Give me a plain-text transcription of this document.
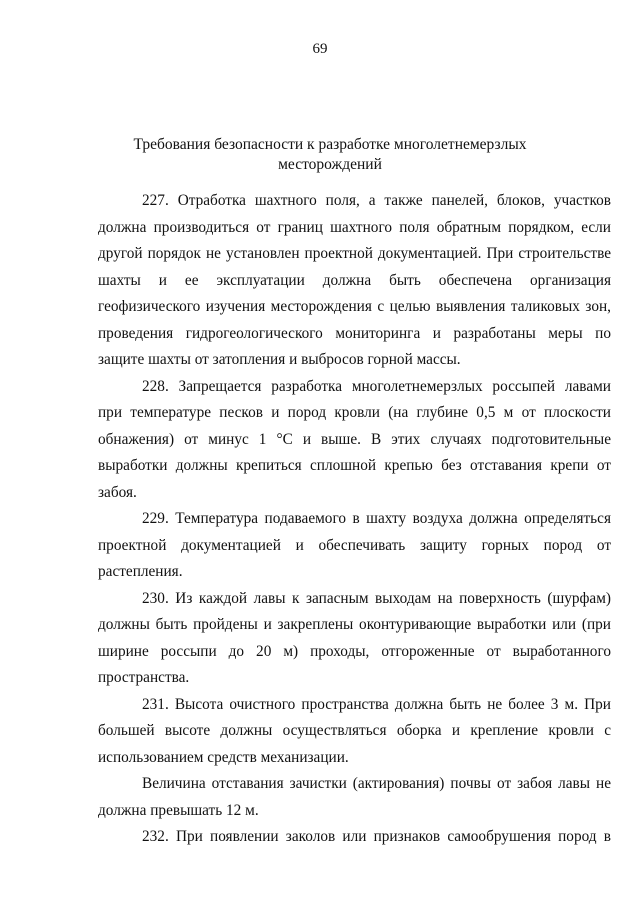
69
Требования безопасности к разработке многолетнемерзлых
месторождений
227. Отработка шахтного поля, а также панелей, блоков, участков
должна производиться от границ шахтного поля обратным порядком, если
другой порядок не установлен проектной документацией. При строительстве
шахты и ее эксплуатации должна быть обеспечена организация
геофизического изучения месторождения с целью выявления таликовых зон,
проведения гидрогеологического мониторинга и разработаны меры по
защите шахты от затопления и выбросов горной массы.
228. Запрещается разработка многолетнемерзлых россыпей лавами
при температуре песков и пород кровли (на глубине 0,5 м от плоскости
обнажения) от минус 1 °С и выше. В этих случаях подготовительные
выработки должны крепиться сплошной крепью без отставания крепи от
забоя.
229. Температура подаваемого в шахту воздуха должна определяться
проектной документацией и обеспечивать защиту горных пород от
растепления.
230. Из каждой лавы к запасным выходам на поверхность (шурфам)
должны быть пройдены и закреплены оконтуривающие выработки или (при
ширине россыпи до 20 м) проходы, отгороженные от выработанного
пространства.
231. Высота очистного пространства должна быть не более 3 м. При
большей высоте должны осуществляться оборка и крепление кровли с
использованием средств механизации.
Величина отставания зачистки (актирования) почвы от забоя лавы не
должна превышать 12 м.
232. При появлении заколов или признаков самообрушения пород в
